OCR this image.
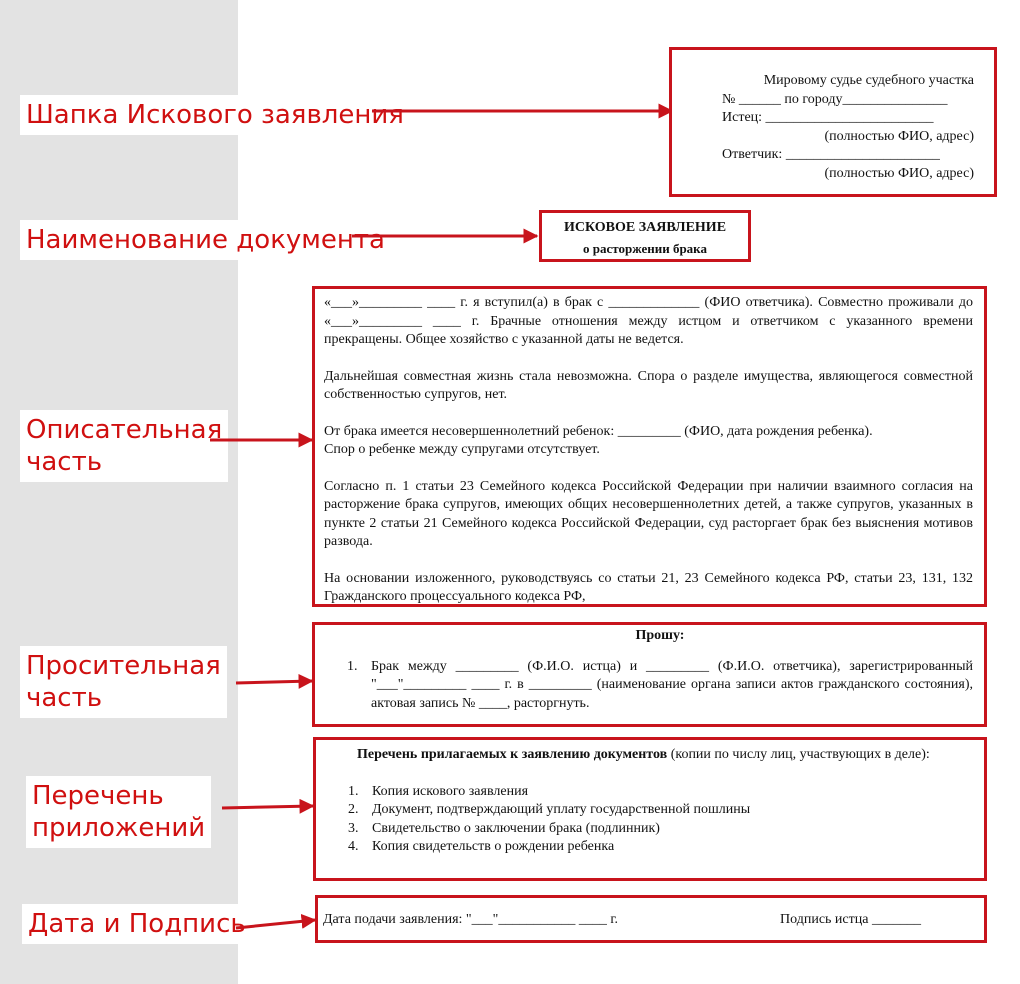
Шапка Искового заявления
Наименование документа
Описательная
часть
Просительная
часть
Перечень
приложений
Дата и Подпись
Мировому судье судебного участка
№ ______ по городу_______________
Истец: ________________________
(полностью ФИО, адрес)
Ответчик: ______________________
(полностью ФИО, адрес)
ИСКОВОЕ ЗАЯВЛЕНИЕ
о расторжении брака
«___»_________ ____ г. я вступил(а) в брак с _____________ (ФИО ответчика). Совместно проживали до «___»_________ ____ г. Брачные отношения между истцом и ответчиком с указанного времени прекращены. Общее хозяйство с указанной даты не ведется.
Дальнейшая совместная жизнь стала невозможна. Спора о разделе имущества, являющегося совместной собственностью супругов, нет.
От брака имеется несовершеннолетний ребенок: _________ (ФИО, дата рождения ребенка).
Спор о ребенке между супругами отсутствует.
Согласно п. 1 статьи 23 Семейного кодекса Российской Федерации при наличии взаимного согласия на расторжение брака супругов, имеющих общих несовершеннолетних детей, а также супругов, указанных в пункте 2 статьи 21 Семейного кодекса Российской Федерации, суд расторгает брак без выяснения мотивов развода.
На основании изложенного, руководствуясь со статьи 21, 23 Семейного кодекса РФ, статьи 23, 131, 132 Гражданского процессуального кодекса РФ,
Прошу:
1. Брак между _________ (Ф.И.О. истца) и _________ (Ф.И.О. ответчика), зарегистрированный "___"_________ ____ г. в _________ (наименование органа записи актов гражданского состояния), актовая запись № ____, расторгнуть.
Перечень прилагаемых к заявлению документов (копии по числу лиц, участвующих в деле):
1. Копия искового заявления
2. Документ, подтверждающий уплату государственной пошлины
3. Свидетельство о заключении брака (подлинник)
4. Копия свидетельств о рождении ребенка
Дата подачи заявления: "___"___________ ____ г.	Подпись истца _______
